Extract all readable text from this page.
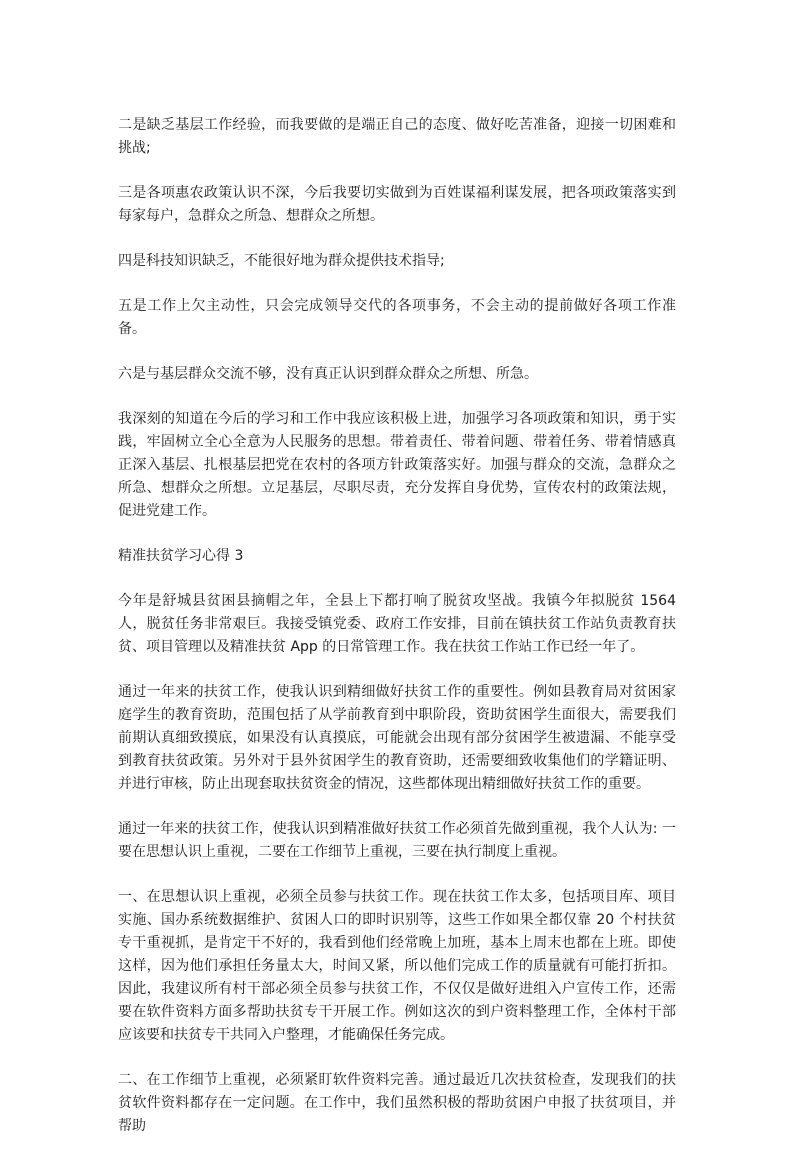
二是缺乏基层工作经验，而我要做的是端正自己的态度、做好吃苦准备，迎接一切困难和挑战;

三是各项惠农政策认识不深，今后我要切实做到为百姓谋福利谋发展，把各项政策落实到每家每户，急群众之所急、想群众之所想。

四是科技知识缺乏，不能很好地为群众提供技术指导;

五是工作上欠主动性，只会完成领导交代的各项事务，不会主动的提前做好各项工作准备。

六是与基层群众交流不够，没有真正认识到群众群众之所想、所急。

我深刻的知道在今后的学习和工作中我应该积极上进，加强学习各项政策和知识，勇于实践，牢固树立全心全意为人民服务的思想。带着责任、带着问题、带着任务、带着情感真正深入基层、扎根基层把党在农村的各项方针政策落实好。加强与群众的交流，急群众之所急、想群众之所想。立足基层，尽职尽责，充分发挥自身优势，宣传农村的政策法规，促进党建工作。

精准扶贫学习心得 3

今年是舒城县贫困县摘帽之年，全县上下都打响了脱贫攻坚战。我镇今年拟脱贫 1564 人，脱贫任务非常艰巨。我接受镇党委、政府工作安排，目前在镇扶贫工作站负责教育扶贫、项目管理以及精准扶贫 App 的日常管理工作。我在扶贫工作站工作已经一年了。

通过一年来的扶贫工作，使我认识到精细做好扶贫工作的重要性。例如县教育局对贫困家庭学生的教育资助，范围包括了从学前教育到中职阶段，资助贫困学生面很大，需要我们前期认真细致摸底，如果没有认真摸底，可能就会出现有部分贫困学生被遗漏、不能享受到教育扶贫政策。另外对于县外贫困学生的教育资助，还需要细致收集他们的学籍证明、并进行审核，防止出现套取扶贫资金的情况，这些都体现出精细做好扶贫工作的重要。

通过一年来的扶贫工作，使我认识到精准做好扶贫工作必须首先做到重视，我个人认为: 一要在思想认识上重视，二要在工作细节上重视，三要在执行制度上重视。

一、在思想认识上重视，必须全员参与扶贫工作。现在扶贫工作太多，包括项目库、项目实施、国办系统数据维护、贫困人口的即时识别等，这些工作如果全都仅靠 20 个村扶贫专干重视抓，是肯定干不好的，我看到他们经常晚上加班，基本上周末也都在上班。即使这样，因为他们承担任务量太大，时间又紧，所以他们完成工作的质量就有可能打折扣。因此，我建议所有村干部必须全员参与扶贫工作，不仅仅是做好进组入户宣传工作，还需要在软件资料方面多帮助扶贫专干开展工作。例如这次的到户资料整理工作，全体村干部应该要和扶贫专干共同入户整理，才能确保任务完成。

二、在工作细节上重视，必须紧盯软件资料完善。通过最近几次扶贫检查，发现我们的扶贫软件资料都存在一定问题。在工作中，我们虽然积极的帮助贫困户申报了扶贫项目，并帮助
